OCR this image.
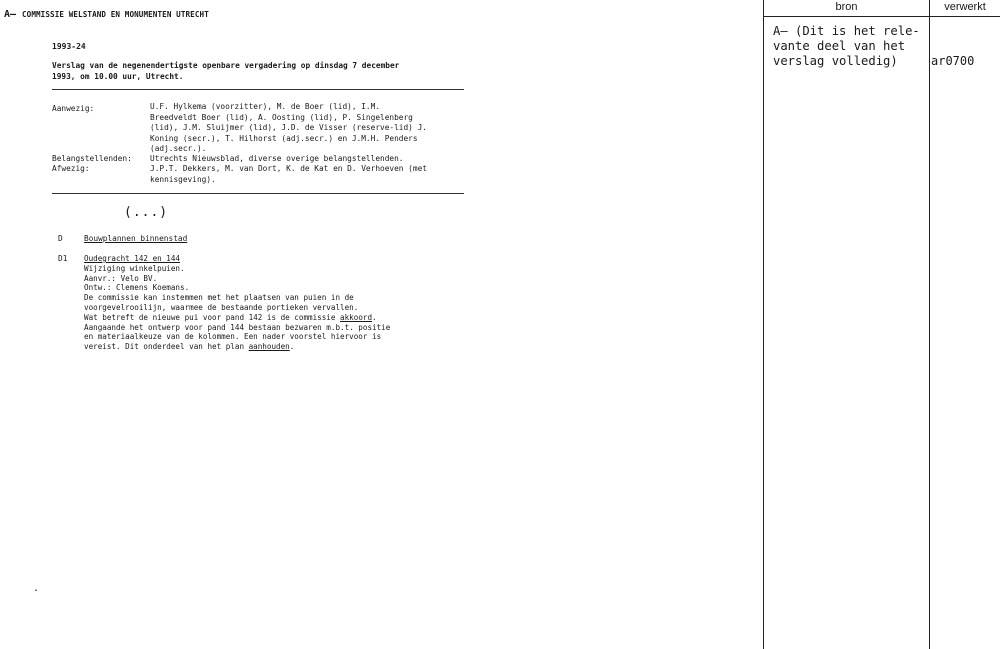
A– COMMISSIE WELSTAND EN MONUMENTEN UTRECHT
1993-24
Verslag van de negenendertigste openbare vergadering op dinsdag 7 december
1993, om 10.00 uur, Utrecht.
Aanwezig:	U.F. Hylkema (voorzitter), M. de Boer (lid), I.M.
Breedveldt Boer (lid), A. Oosting (lid), P. Singelenberg
(lid), J.M. Sluijmer (lid), J.D. de Visser (reserve-lid) J.
Koning (secr.), T. Hilhorst (adj.secr.) en J.M.H. Penders
(adj.secr.).
Belangstellenden: Utrechts Nieuwsblad, diverse overige belangstellenden.
Afwezig:	J.P.T. Dekkers, M. van Dort, K. de Kat en D. Verhoeven (met
kennisgeving).
(...)
D	Bouwplannen binnenstad
D1 Oudegracht 142 en 144
Wijziging winkelpuien.
Aanvr.: Velo BV.
Ontw.: Clemens Koemans.
De commissie kan instemmen met het plaatsen van puien in de
voorgevelrooilijn, waarmee de bestaande portieken vervallen.
Wat betreft de nieuwe pui voor pand 142 is de commissie akkoord.
Aangaande het ontwerp voor pand 144 bestaan bezwaren m.b.t. positie
en materiaalkeuze van de kolommen. Een nader voorstel hiervoor is
vereist. Dit onderdeel van het plan aanhouden.
.
bron	verwerkt
A– (Dit is het rele-
vante deel van het
verslag volledig)	ar0700
